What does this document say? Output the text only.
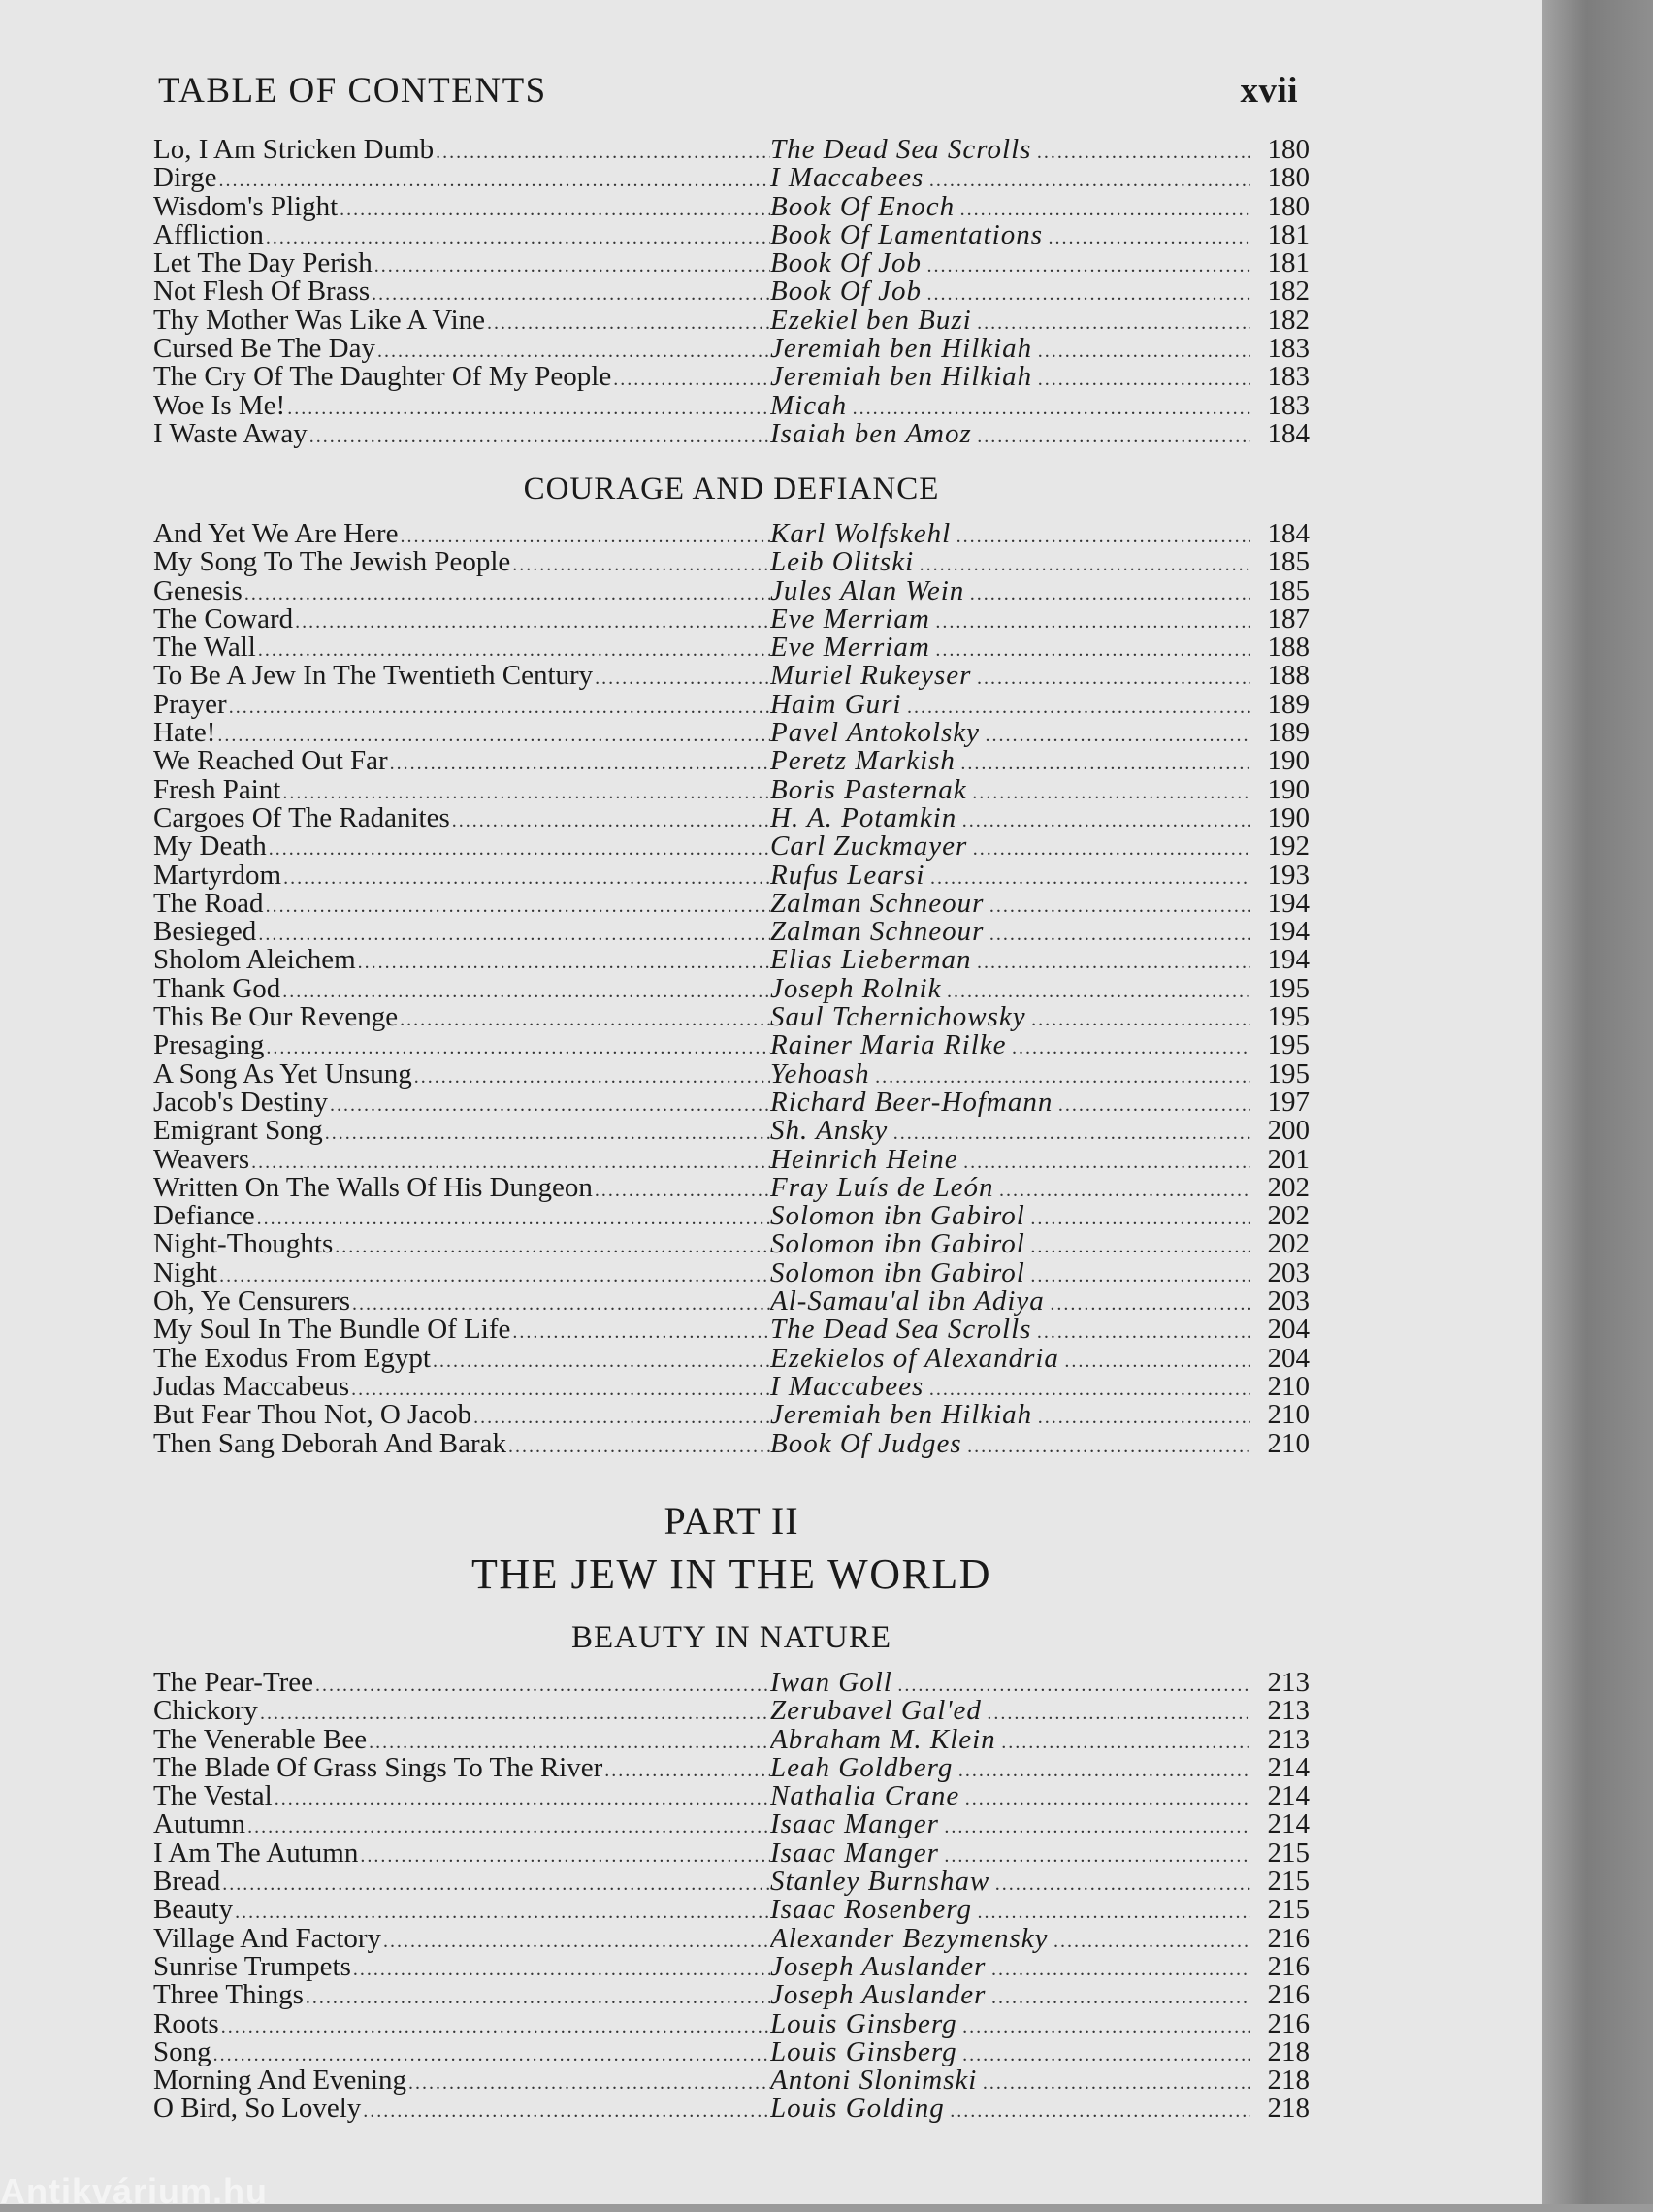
TABLE OF CONTENTS	xvii
Lo, I Am Stricken Dumb .....	The Dead Sea Scrolls .....	180
Dirge .....	I Maccabees .....	180
Wisdom's Plight .....	Book Of Enoch .....	180
Affliction .....	Book Of Lamentations .....	181
Let The Day Perish .....	Book Of Job .....	181
Not Flesh Of Brass .....	Book Of Job .....	182
Thy Mother Was Like A Vine .....	Ezekiel ben Buzi .....	182
Cursed Be The Day .....	Jeremiah ben Hilkiah .....	183
The Cry Of The Daughter Of My People .....	Jeremiah ben Hilkiah .....	183
Woe Is Me! .....	Micah .....	183
I Waste Away .....	Isaiah ben Amoz .....	184
COURAGE AND DEFIANCE
And Yet We Are Here .....	Karl Wolfskehl .....	184
My Song To The Jewish People .....	Leib Olitski .....	185
Genesis .....	Jules Alan Wein .....	185
The Coward .....	Eve Merriam .....	187
The Wall .....	Eve Merriam .....	188
To Be A Jew In The Twentieth Century .....	Muriel Rukeyser .....	188
Prayer .....	Haim Guri .....	189
Hate! .....	Pavel Antokolsky .....	189
We Reached Out Far .....	Peretz Markish .....	190
Fresh Paint .....	Boris Pasternak .....	190
Cargoes Of The Radanites .....	H. A. Potamkin .....	190
My Death .....	Carl Zuckmayer .....	192
Martyrdom .....	Rufus Learsi .....	193
The Road .....	Zalman Schneour .....	194
Besieged .....	Zalman Schneour .....	194
Sholom Aleichem .....	Elias Lieberman .....	194
Thank God .....	Joseph Rolnik .....	195
This Be Our Revenge .....	Saul Tchernichowsky .....	195
Presaging .....	Rainer Maria Rilke .....	195
A Song As Yet Unsung .....	Yehoash .....	195
Jacob's Destiny .....	Richard Beer-Hofmann .....	197
Emigrant Song .....	Sh. Ansky .....	200
Weavers .....	Heinrich Heine .....	201
Written On The Walls Of His Dungeon .....	Fray Luís de León .....	202
Defiance .....	Solomon ibn Gabirol .....	202
Night-Thoughts .....	Solomon ibn Gabirol .....	202
Night .....	Solomon ibn Gabirol .....	203
Oh, Ye Censurers .....	Al-Samau'al ibn Adiya .....	203
My Soul In The Bundle Of Life .....	The Dead Sea Scrolls .....	204
The Exodus From Egypt .....	Ezekielos of Alexandria .....	204
Judas Maccabeus .....	I Maccabees .....	210
But Fear Thou Not, O Jacob .....	Jeremiah ben Hilkiah .....	210
Then Sang Deborah And Barak .....	Book Of Judges .....	210
PART II
THE JEW IN THE WORLD
BEAUTY IN NATURE
The Pear-Tree .....	Iwan Goll .....	213
Chickory .....	Zerubavel Gal'ed .....	213
The Venerable Bee .....	Abraham M. Klein .....	213
The Blade Of Grass Sings To The River .....	Leah Goldberg .....	214
The Vestal .....	Nathalia Crane .....	214
Autumn .....	Isaac Manger .....	214
I Am The Autumn .....	Isaac Manger .....	215
Bread .....	Stanley Burnshaw .....	215
Beauty .....	Isaac Rosenberg .....	215
Village And Factory .....	Alexander Bezymensky .....	216
Sunrise Trumpets .....	Joseph Auslander .....	216
Three Things .....	Joseph Auslander .....	216
Roots .....	Louis Ginsberg .....	216
Song .....	Louis Ginsberg .....	218
Morning And Evening .....	Antoni Slonimski .....	218
O Bird, So Lovely .....	Louis Golding .....	218
Antikvárium.hu
